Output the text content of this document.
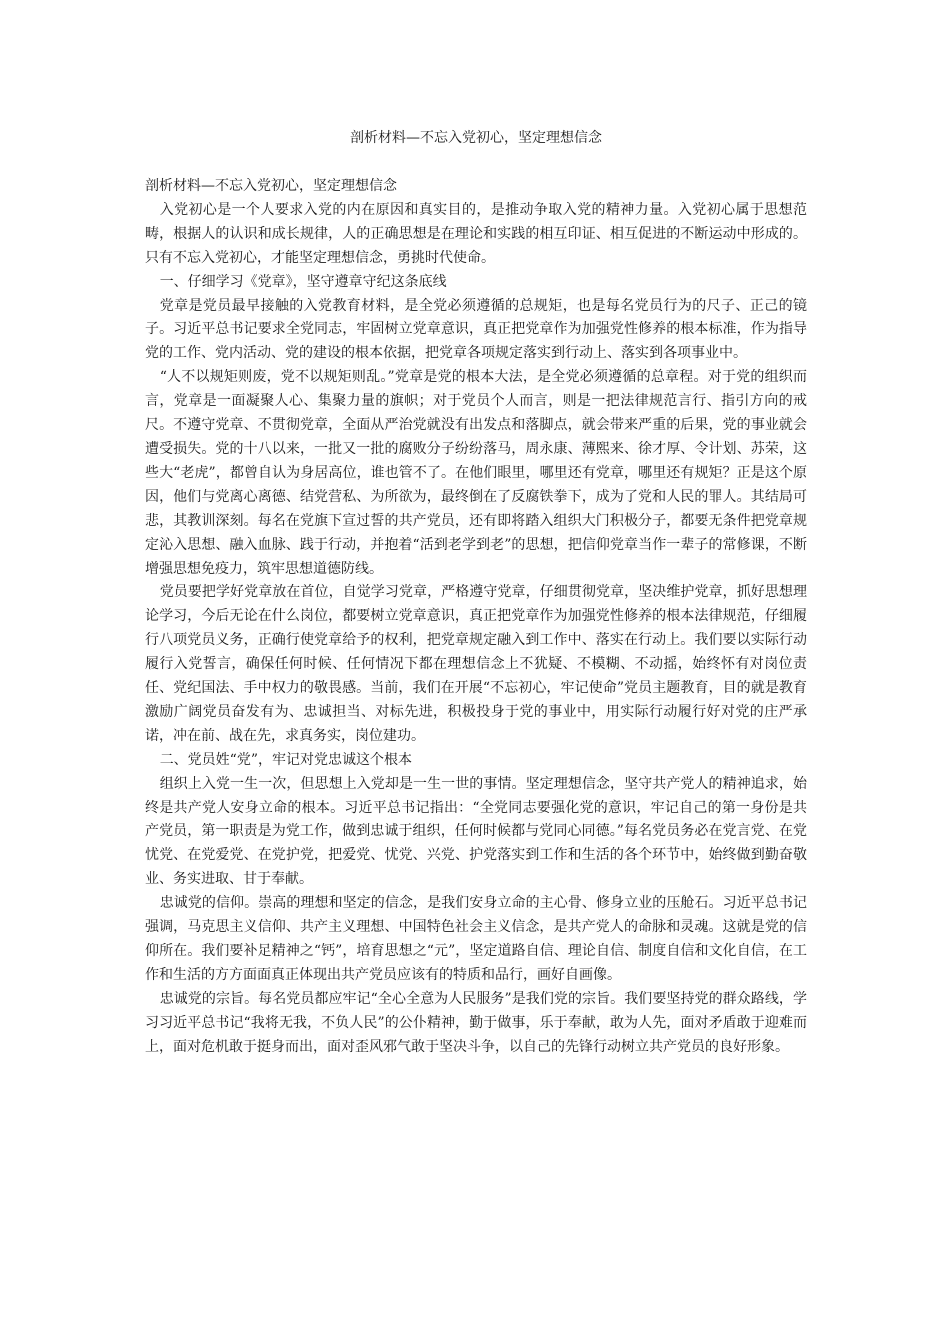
剖析材料—不忘入党初心，坚定理想信念

剖析材料—不忘入党初心，坚定理想信念

入党初心是一个人要求入党的内在原因和真实目的，是推动争取入党的精神力量。入党初心属于思想范畴，根据人的认识和成长规律，人的正确思想是在理论和实践的相互印证、相互促进的不断运动中形成的。只有不忘入党初心，才能坚定理想信念，勇挑时代使命。

一、仔细学习《党章》，坚守遵章守纪这条底线

党章是党员最早接触的入党教育材料，是全党必须遵循的总规矩，也是每名党员行为的尺子、正己的镜子。习近平总书记要求全党同志，牢固树立党章意识，真正把党章作为加强党性修养的根本标准，作为指导党的工作、党内活动、党的建设的根本依据，把党章各项规定落实到行动上、落实到各项事业中。

“人不以规矩则废，党不以规矩则乱。”党章是党的根本大法，是全党必须遵循的总章程。对于党的组织而言，党章是一面凝聚人心、集聚力量的旗帜；对于党员个人而言，则是一把法律规范言行、指引方向的戒尺。不遵守党章、不贯彻党章，全面从严治党就没有出发点和落脚点，就会带来严重的后果，党的事业就会遭受损失。党的十八以来，一批又一批的腐败分子纷纷落马，周永康、薄熙来、徐才厚、令计划、苏荣，这些大“老虎”，都曾自认为身居高位，谁也管不了。在他们眼里，哪里还有党章，哪里还有规矩？正是这个原因，他们与党离心离德、结党营私、为所欲为，最终倒在了反腐铁拳下，成为了党和人民的罪人。其结局可悲，其教训深刻。每名在党旗下宣过誓的共产党员，还有即将踏入组织大门积极分子，都要无条件把党章规定沁入思想、融入血脉、践于行动，并抱着“活到老学到老”的思想，把信仰党章当作一辈子的常修课，不断增强思想免疫力，筑牢思想道德防线。

党员要把学好党章放在首位，自觉学习党章，严格遵守党章，仔细贯彻党章，坚决维护党章，抓好思想理论学习，今后无论在什么岗位，都要树立党章意识，真正把党章作为加强党性修养的根本法律规范，仔细履行八项党员义务，正确行使党章给予的权利，把党章规定融入到工作中、落实在行动上。我们要以实际行动履行入党誓言，确保任何时候、任何情况下都在理想信念上不犹疑、不模糊、不动摇，始终怀有对岗位责任、党纪国法、手中权力的敬畏感。当前，我们在开展“不忘初心，牢记使命”党员主题教育，目的就是教育激励广阔党员奋发有为、忠诚担当、对标先进，积极投身于党的事业中，用实际行动履行好对党的庄严承诺，冲在前、战在先，求真务实，岗位建功。

二、党员姓“党”，牢记对党忠诚这个根本

组织上入党一生一次，但思想上入党却是一生一世的事情。坚定理想信念，坚守共产党人的精神追求，始终是共产党人安身立命的根本。习近平总书记指出：“全党同志要强化党的意识，牢记自己的第一身份是共产党员，第一职责是为党工作，做到忠诚于组织，任何时候都与党同心同德。”每名党员务必在党言党、在党忧党、在党爱党、在党护党，把爱党、忧党、兴党、护党落实到工作和生活的各个环节中，始终做到勤奋敬业、务实进取、甘于奉献。

忠诚党的信仰。崇高的理想和坚定的信念，是我们安身立命的主心骨、修身立业的压舱石。习近平总书记强调，马克思主义信仰、共产主义理想、中国特色社会主义信念，是共产党人的命脉和灵魂。这就是党的信仰所在。我们要补足精神之“钙”，培育思想之“元”，坚定道路自信、理论自信、制度自信和文化自信，在工作和生活的方方面面真正体现出共产党员应该有的特质和品行，画好自画像。

忠诚党的宗旨。每名党员都应牢记“全心全意为人民服务”是我们党的宗旨。我们要坚持党的群众路线，学习习近平总书记“我将无我，不负人民”的公仆精神，勤于做事，乐于奉献，敢为人先，面对矛盾敢于迎难而上，面对危机敢于挺身而出，面对歪风邪气敢于坚决斗争，以自己的先锋行动树立共产党员的良好形象。
